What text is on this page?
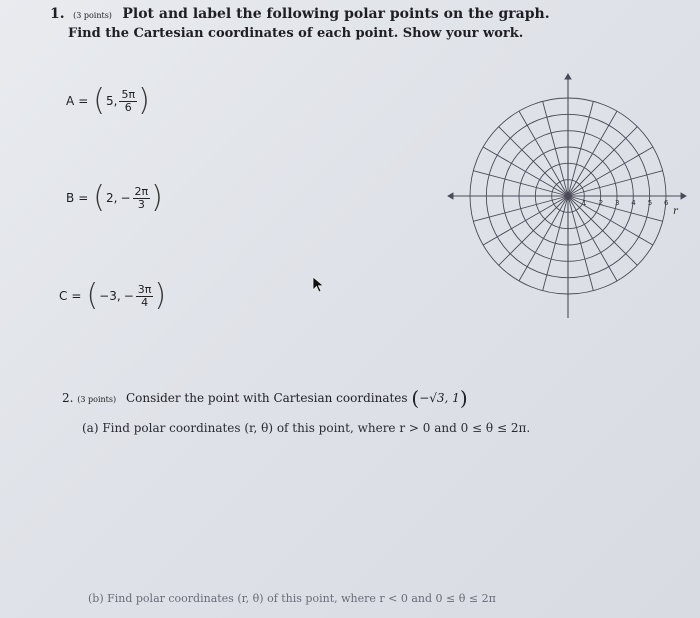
1. (3 points) Plot and label the following polar points on the graph.
Find the Cartesian coordinates of each point. Show your work.
A = ( 5 , $\frac{5\pi}{6}$ )
B = ( 2 , − $\frac{2\pi}{3}$ )
C = ( −3 , − $\frac{3\pi}{4}$ )
1 2 3 4 5 6
r
2. (3 points) Consider the point with Cartesian coordinates (−√3, 1)
(a) Find polar coordinates (r, θ) of this point, where r > 0 and 0 ≤ θ ≤ 2π.
(b) Find polar coordinates (r, θ) of this point, where r < 0 and 0 ≤ θ ≤ 2π
